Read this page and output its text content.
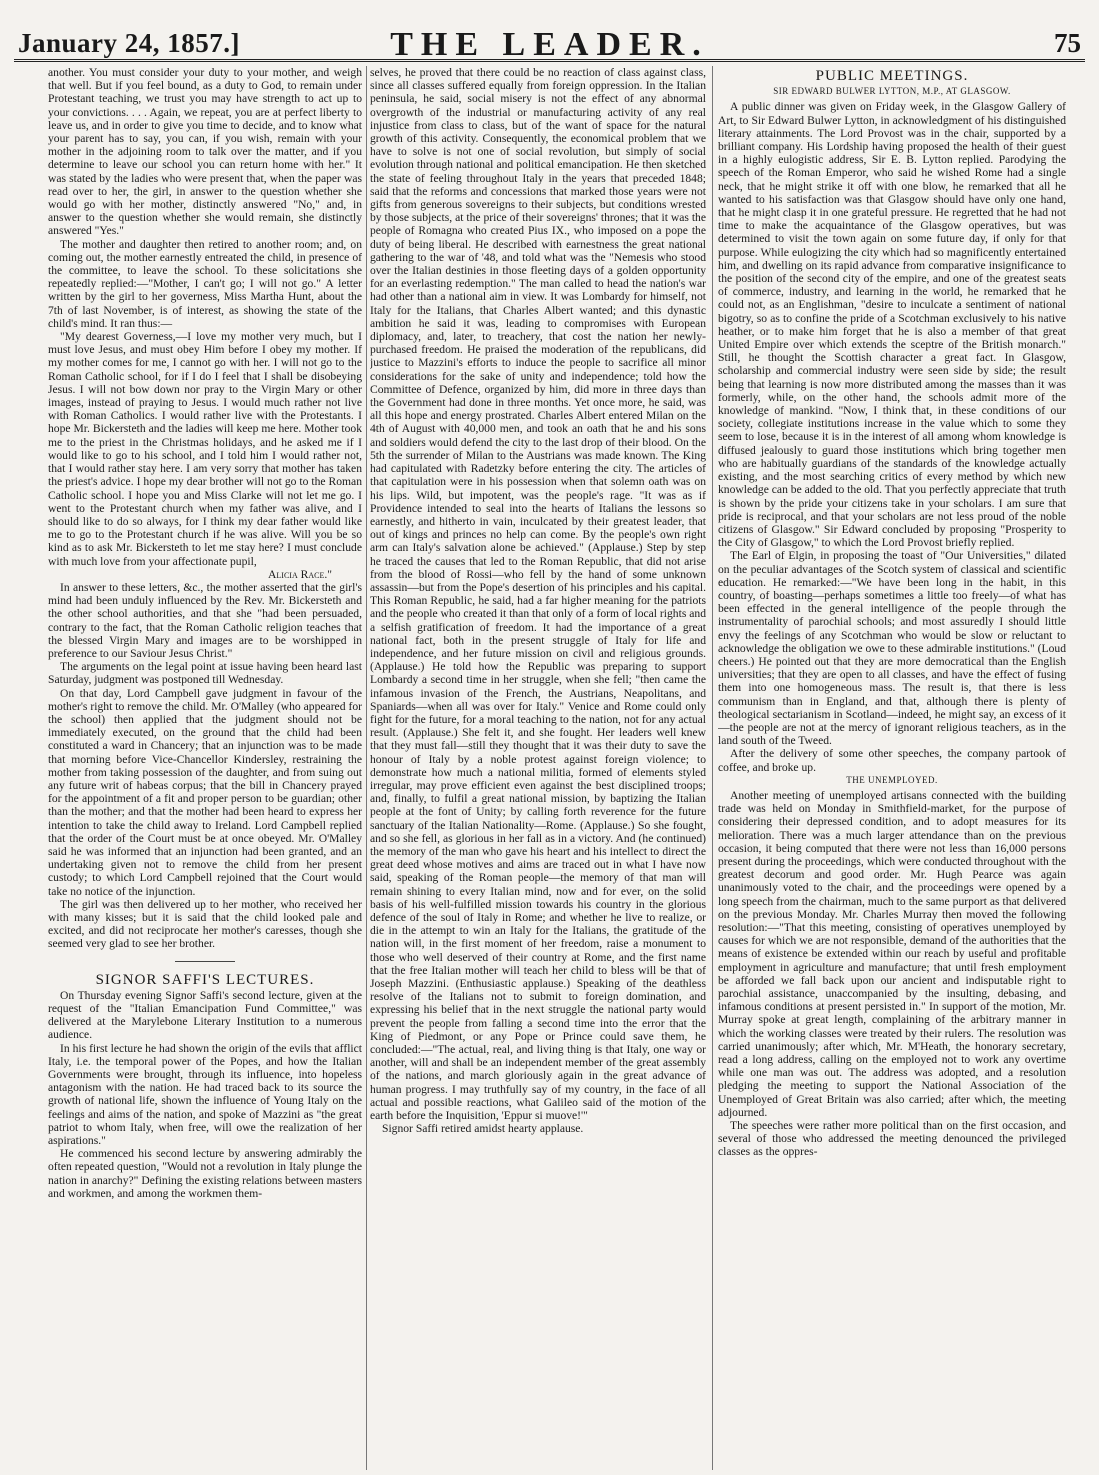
January 24, 1857.]	THE LEADER.	75

another. You must consider your duty to your mother, and weigh that well. But if you feel bound, as a duty to God, to remain under Protestant teaching, we trust you may have strength to act up to your convictions. . . . Again, we repeat, you are at perfect liberty to leave us, and in order to give you time to decide, and to know what your parent has to say, you can, if you wish, remain with your mother in the adjoining room to talk over the matter, and if you determine to leave our school you can return home with her." It was stated by the ladies who were present that, when the paper was read over to her, the girl, in answer to the question whether she would go with her mother, distinctly answered "No," and, in answer to the question whether she would remain, she distinctly answered "Yes."

The mother and daughter then retired to another room; and, on coming out, the mother earnestly entreated the child, in presence of the committee, to leave the school. To these solicitations she repeatedly replied:—"Mother, I can't go; I will not go." A letter written by the girl to her governess, Miss Martha Hunt, about the 7th of last November, is of interest, as showing the state of the child's mind. It ran thus:—

"My dearest Governess,—I love my mother very much, but I must love Jesus, and must obey Him before I obey my mother. If my mother comes for me, I cannot go with her. I will not go to the Roman Catholic school, for if I do I feel that I shall be disobeying Jesus. I will not bow down nor pray to the Virgin Mary or other images, instead of praying to Jesus. I would much rather not live with Roman Catholics. I would rather live with the Protestants. I hope Mr. Bickersteth and the ladies will keep me here. Mother took me to the priest in the Christmas holidays, and he asked me if I would like to go to his school, and I told him I would rather not, that I would rather stay here. I am very sorry that mother has taken the priest's advice. I hope my dear brother will not go to the Roman Catholic school. I hope you and Miss Clarke will not let me go. I went to the Protestant church when my father was alive, and I should like to do so always, for I think my dear father would like me to go to the Protestant church if he was alive. Will you be so kind as to ask Mr. Bickersteth to let me stay here? I must conclude with much love from your affectionate pupil,

Alicia Race."

In answer to these letters, &c., the mother asserted that the girl's mind had been unduly influenced by the Rev. Mr. Bickersteth and the other school authorities, and that she "had been persuaded, contrary to the fact, that the Roman Catholic religion teaches that the blessed Virgin Mary and images are to be worshipped in preference to our Saviour Jesus Christ."

The arguments on the legal point at issue having been heard last Saturday, judgment was postponed till Wednesday.

On that day, Lord Campbell gave judgment in favour of the mother's right to remove the child. Mr. O'Malley (who appeared for the school) then applied that the judgment should not be immediately executed, on the ground that the child had been constituted a ward in Chancery; that an injunction was to be made that morning before Vice-Chancellor Kindersley, restraining the mother from taking possession of the daughter, and from suing out any future writ of habeas corpus; that the bill in Chancery prayed for the appointment of a fit and proper person to be guardian; other than the mother; and that the mother had been heard to express her intention to take the child away to Ireland. Lord Campbell replied that the order of the Court must be at once obeyed. Mr. O'Malley said he was informed that an injunction had been granted, and an undertaking given not to remove the child from her present custody; to which Lord Campbell rejoined that the Court would take no notice of the injunction.

The girl was then delivered up to her mother, who received her with many kisses; but it is said that the child looked pale and excited, and did not reciprocate her mother's caresses, though she seemed very glad to see her brother.

SIGNOR SAFFI'S LECTURES.

On Thursday evening Signor Saffi's second lecture, given at the request of the "Italian Emancipation Fund Committee," was delivered at the Marylebone Literary Institution to a numerous audience.

In his first lecture he had shown the origin of the evils that afflict Italy, i.e. the temporal power of the Popes, and how the Italian Governments were brought, through its influence, into hopeless antagonism with the nation. He had traced back to its source the growth of national life, shown the influence of Young Italy on the feelings and aims of the nation, and spoke of Mazzini as "the great patriot to whom Italy, when free, will owe the realization of her aspirations."

He commenced his second lecture by answering admirably the often repeated question, "Would not a revolution in Italy plunge the nation in anarchy?" Defining the existing relations between masters and workmen, and among the workmen them-

selves, he proved that there could be no reaction of class against class, since all classes suffered equally from foreign oppression. In the Italian peninsula, he said, social misery is not the effect of any abnormal overgrowth of the industrial or manufacturing activity of any real injustice from class to class, but of the want of space for the natural growth of this activity. Consequently, the economical problem that we have to solve is not one of social revolution, but simply of social evolution through national and political emancipation. He then sketched the state of feeling throughout Italy in the years that preceded 1848; said that the reforms and concessions that marked those years were not gifts from generous sovereigns to their subjects, but conditions wrested by those subjects, at the price of their sovereigns' thrones; that it was the people of Romagna who created Pius IX., who imposed on a pope the duty of being liberal. He described with earnestness the great national gathering to the war of '48, and told what was the "Nemesis who stood over the Italian destinies in those fleeting days of a golden opportunity for an everlasting redemption." The man called to head the nation's war had other than a national aim in view. It was Lombardy for himself, not Italy for the Italians, that Charles Albert wanted; and this dynastic ambition he said it was, leading to compromises with European diplomacy, and, later, to treachery, that cost the nation her newly-purchased freedom. He praised the moderation of the republicans, did justice to Mazzini's efforts to induce the people to sacrifice all minor considerations for the sake of unity and independence; told how the Committee of Defence, organized by him, did more in three days than the Government had done in three months. Yet once more, he said, was all this hope and energy prostrated. Charles Albert entered Milan on the 4th of August with 40,000 men, and took an oath that he and his sons and soldiers would defend the city to the last drop of their blood. On the 5th the surrender of Milan to the Austrians was made known. The King had capitulated with Radetzky before entering the city. The articles of that capitulation were in his possession when that solemn oath was on his lips. Wild, but impotent, was the people's rage. "It was as if Providence intended to seal into the hearts of Italians the lessons so earnestly, and hitherto in vain, inculcated by their greatest leader, that out of kings and princes no help can come. By the people's own right arm can Italy's salvation alone be achieved." (Applause.) Step by step he traced the causes that led to the Roman Republic, that did not arise from the blood of Rossi—who fell by the hand of some unknown assassin—but from the Pope's desertion of his principles and his capital. This Roman Republic, he said, had a far higher meaning for the patriots and the people who created it than that only of a form of local rights and a selfish gratification of freedom. It had the importance of a great national fact, both in the present struggle of Italy for life and independence, and her future mission on civil and religious grounds. (Applause.) He told how the Republic was preparing to support Lombardy a second time in her struggle, when she fell; "then came the infamous invasion of the French, the Austrians, Neapolitans, and Spaniards—when all was over for Italy." Venice and Rome could only fight for the future, for a moral teaching to the nation, not for any actual result. (Applause.) She felt it, and she fought. Her leaders well knew that they must fall—still they thought that it was their duty to save the honour of Italy by a noble protest against foreign violence; to demonstrate how much a national militia, formed of elements styled irregular, may prove efficient even against the best disciplined troops; and, finally, to fulfil a great national mission, by baptizing the Italian people at the font of Unity; by calling forth reverence for the future sanctuary of the Italian Nationality—Rome. (Applause.) So she fought, and so she fell, as glorious in her fall as in a victory. And (he continued) the memory of the man who gave his heart and his intellect to direct the great deed whose motives and aims are traced out in what I have now said, speaking of the Roman people—the memory of that man will remain shining to every Italian mind, now and for ever, on the solid basis of his well-fulfilled mission towards his country in the glorious defence of the soul of Italy in Rome; and whether he live to realize, or die in the attempt to win an Italy for the Italians, the gratitude of the nation will, in the first moment of her freedom, raise a monument to those who well deserved of their country at Rome, and the first name that the free Italian mother will teach her child to bless will be that of Joseph Mazzini. (Enthusiastic applause.) Speaking of the deathless resolve of the Italians not to submit to foreign domination, and expressing his belief that in the next struggle the national party would prevent the people from falling a second time into the error that the King of Piedmont, or any Pope or Prince could save them, he concluded:—"The actual, real, and living thing is that Italy, one way or another, will and shall be an independent member of the great assembly of the nations, and march gloriously again in the great advance of human progress. I may truthfully say of my country, in the face of all actual and possible reactions, what Galileo said of the motion of the earth before the Inquisition, 'Eppur si muove!'"

Signor Saffi retired amidst hearty applause.

PUBLIC MEETINGS.
SIR EDWARD BULWER LYTTON, M.P., AT GLASGOW.

A public dinner was given on Friday week, in the Glasgow Gallery of Art, to Sir Edward Bulwer Lytton, in acknowledgment of his distinguished literary attainments. The Lord Provost was in the chair, supported by a brilliant company. His Lordship having proposed the health of their guest in a highly eulogistic address, Sir E. B. Lytton replied. Parodying the speech of the Roman Emperor, who said he wished Rome had a single neck, that he might strike it off with one blow, he remarked that all he wanted to his satisfaction was that Glasgow should have only one hand, that he might clasp it in one grateful pressure. He regretted that he had not time to make the acquaintance of the Glasgow operatives, but was determined to visit the town again on some future day, if only for that purpose. While eulogizing the city which had so magnificently entertained him, and dwelling on its rapid advance from comparative insignificance to the position of the second city of the empire, and one of the greatest seats of commerce, industry, and learning in the world, he remarked that he could not, as an Englishman, "desire to inculcate a sentiment of national bigotry, so as to confine the pride of a Scotchman exclusively to his native heather, or to make him forget that he is also a member of that great United Empire over which extends the sceptre of the British monarch." Still, he thought the Scottish character a great fact. In Glasgow, scholarship and commercial industry were seen side by side; the result being that learning is now more distributed among the masses than it was formerly, while, on the other hand, the schools admit more of the knowledge of mankind. "Now, I think that, in these conditions of our society, collegiate institutions increase in the value which to some they seem to lose, because it is in the interest of all among whom knowledge is diffused jealously to guard those institutions which bring together men who are habitually guardians of the standards of the knowledge actually existing, and the most searching critics of every method by which new knowledge can be added to the old. That you perfectly appreciate that truth is shown by the pride your citizens take in your scholars. I am sure that pride is reciprocal, and that your scholars are not less proud of the noble citizens of Glasgow." Sir Edward concluded by proposing "Prosperity to the City of Glasgow," to which the Lord Provost briefly replied.

The Earl of Elgin, in proposing the toast of "Our Universities," dilated on the peculiar advantages of the Scotch system of classical and scientific education. He remarked:—"We have been long in the habit, in this country, of boasting—perhaps sometimes a little too freely—of what has been effected in the general intelligence of the people through the instrumentality of parochial schools; and most assuredly I should little envy the feelings of any Scotchman who would be slow or reluctant to acknowledge the obligation we owe to these admirable institutions." (Loud cheers.) He pointed out that they are more democratical than the English universities; that they are open to all classes, and have the effect of fusing them into one homogeneous mass. The result is, that there is less communism than in England, and that, although there is plenty of theological sectarianism in Scotland—indeed, he might say, an excess of it—the people are not at the mercy of ignorant religious teachers, as in the land south of the Tweed.

After the delivery of some other speeches, the company partook of coffee, and broke up.

THE UNEMPLOYED.

Another meeting of unemployed artisans connected with the building trade was held on Monday in Smithfield-market, for the purpose of considering their depressed condition, and to adopt measures for its melioration. There was a much larger attendance than on the previous occasion, it being computed that there were not less than 16,000 persons present during the proceedings, which were conducted throughout with the greatest decorum and good order. Mr. Hugh Pearce was again unanimously voted to the chair, and the proceedings were opened by a long speech from the chairman, much to the same purport as that delivered on the previous Monday. Mr. Charles Murray then moved the following resolution:—"That this meeting, consisting of operatives unemployed by causes for which we are not responsible, demand of the authorities that the means of existence be extended within our reach by useful and profitable employment in agriculture and manufacture; that until fresh employment be afforded we fall back upon our ancient and indisputable right to parochial assistance, unaccompanied by the insulting, debasing, and infamous conditions at present persisted in." In support of the motion, Mr. Murray spoke at great length, complaining of the arbitrary manner in which the working classes were treated by their rulers. The resolution was carried unanimously; after which, Mr. M'Heath, the honorary secretary, read a long address, calling on the employed not to work any overtime while one man was out. The address was adopted, and a resolution pledging the meeting to support the National Association of the Unemployed of Great Britain was also carried; after which, the meeting adjourned.

The speeches were rather more political than on the first occasion, and several of those who addressed the meeting denounced the privileged classes as the oppres-
